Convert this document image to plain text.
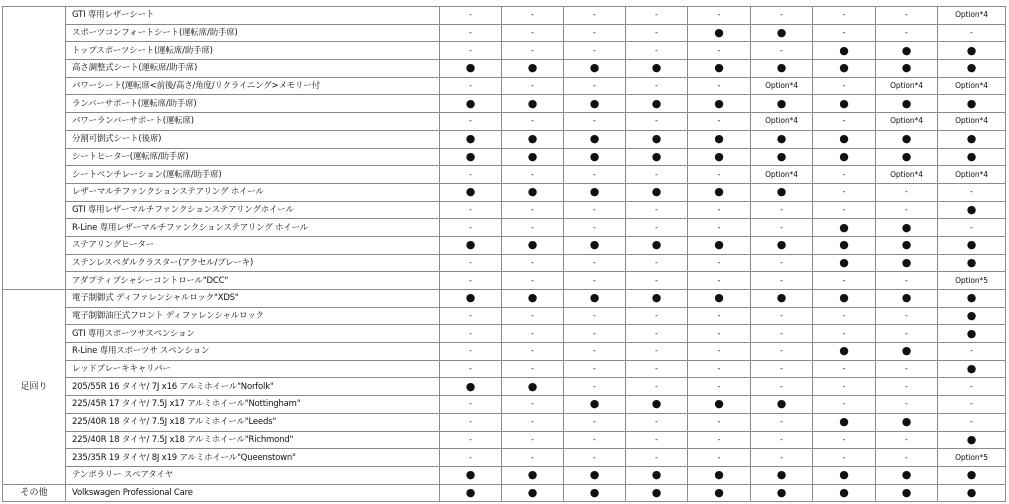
	GTI 専用レザーシート	-	-	-	-	-	-	-	-	Option*4
	スポーツコンフォートシート(運転席/助手席)	-	-	-	-	●	●	-	-	-
	トップスポーツシート(運転席/助手席)	-	-	-	-	-	-	●	●	●
	高さ調整式シート(運転席/助手席)	●	●	●	●	●	●	●	●	●
	パワーシート(運転席<前後/高さ/角度/リクライニング>メモリー付	-	-	-	-	-	Option*4	-	Option*4	Option*4
	ランバーサポート(運転席/助手席)	●	●	●	●	●	●	●	●	●
	パワーランバーサポート(運転席)	-	-	-	-	-	Option*4	-	Option*4	Option*4
	分割可倒式シート(後席)	●	●	●	●	●	●	●	●	●
	シートヒーター(運転席/助手席)	●	●	●	●	●	●	●	●	●
	シートベンチレーション(運転席/助手席)	-	-	-	-	-	Option*4	-	Option*4	Option*4
	レザーマルチファンクションステアリング ホイール	●	●	●	●	●	●	-	-	-
	GTI 専用レザーマルチファンクションステアリングホイール	-	-	-	-	-	-	-	-	●
	R-Line 専用レザーマルチファンクションステアリング ホイール	-	-	-	-	-	-	●	●	-
	ステアリングヒーター	●	●	●	●	●	●	●	●	●
	ステンレスペダルクラスター(アクセル/ブレーキ)	-	-	-	-	-	-	●	●	●
	アダプティブシャシーコントロール"DCC"	-	-	-	-	-	-	-	-	Option*5
足回り	電子制御式 ディファレンシャルロック"XDS"	●	●	●	●	●	●	●	●	●
	電子制御油圧式フロント ディファレンシャルロック	-	-	-	-	-	-	-	-	●
	GTI 専用スポーツサスペンション	-	-	-	-	-	-	-	-	●
	R-Line 専用スポーツサ スペンション	-	-	-	-	-	-	●	●	-
	レッドブレーキキャリパー	-	-	-	-	-	-	-	-	●
	205/55R 16 タイヤ/ 7J x16 アルミホイール"Norfolk"	●	●	-	-	-	-	-	-	-
	225/45R 17 タイヤ/ 7.5J x17 アルミホイール"Nottingham"	-	-	●	●	●	●	-	-	-
	225/40R 18 タイヤ/ 7.5J x18 アルミホイール"Leeds"	-	-	-	-	-	-	●	●	-
	225/40R 18 タイヤ/ 7.5J x18 アルミホイール"Richmond"	-	-	-	-	-	-	-	-	●
	235/35R 19 タイヤ/ 8J x19 アルミホイール"Queenstown"	-	-	-	-	-	-	-	-	Option*5
	テンポラリー スペアタイヤ	●	●	●	●	●	●	●	●	●
その他	Volkswagen Professional Care	●	●	●	●	●	●	●	●	●
